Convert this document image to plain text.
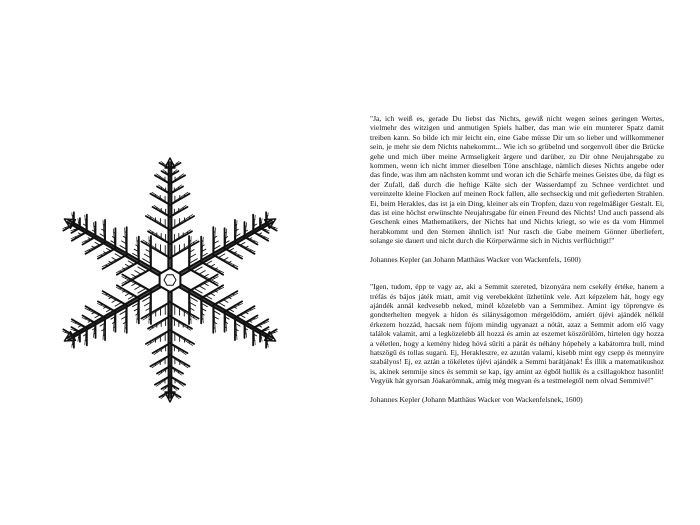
"Ja, ich weiß es, gerade Du liebst das Nichts, gewiß nicht wegen seines geringen Wertes, vielmehr des witzigen und anmutigen Spiels halber, das man wie ein munterer Spatz damit treiben kann. So bilde ich mir leicht ein, eine Gabe müsse Dir um so lieber und willkommener sein, je mehr sie dem Nichts nahekommt... Wie ich so grübelnd und sorgenvoll über die Brücke gehe und mich über meine Armseligkeit ärgere und darüber, zu Dir ohne Neujahrsgabe zu kommen, wenn ich nicht immer dieselben Töne anschlage, nämlich dieses Nichts angebe oder das finde, was ihm am nächsten kommt und woran ich die Schärfe meines Geistes übe, da fügt es der Zufall, daß durch die heftige Kälte sich der Wasserdampf zu Schnee verdichtet und vereinzelte kleine Flocken auf meinen Rock fallen, alle sechseckig und mit gefiederten Strahlen. Ei, beim Herakles, das ist ja ein Ding, kleiner als ein Tropfen, dazu von regelmäßiger Gestalt. Ei, das ist eine höchst erwünschte Neujahrsgabe für einen Freund des Nichts! Und auch passend als Geschenk eines Mathematikers, der Nichts hat und Nichts kriegt, so wie es da vom Himmel herabkommt und den Sternen ähnlich ist! Nur rasch die Gabe meinem Gönner überliefert, solange sie dauert und nicht durch die Körperwärme sich in Nichts verflüchtigt!"

Johannes Kepler (an Johann Matthäus Wacker von Wackenfels, 1600)

"Igen, tudom, épp te vagy az, aki a Semmit szereted, bizonyára nem csekély értéke, hanem a tréfás és bájos játék miatt, amit vig verebekként űzhetünk vele. Azt képzelem hát, hogy egy ajándék annál kedvesebb neked, minél közelebb van a Semmihez. Amint így töprengve és gondterhelten megyek a hídon és silányságomon mérgelődöm, amiért újévi ajándék nélkül érkezem hozzád, hacsak nem fújom mindig ugyanazt a nótát, azaz a Semmit adom elő vagy találok valamit, ami a legközelebb áll hozzá és amin az eszemet köszörülöm, hirtelen úgy hozza a véletlen, hogy a kemény hideg hóvá sűríti a párát és néhány hópehely a kabátomra hull, mind hatszögű és tollas sugarú. Ej, Herakleszre, ez azután valami, kisebb mint egy csepp és mennyire szabályos! Ej, ez aztán a tökéletes újévi ajándék a Semmi barátjának! És illik a matematikushoz is, akinek semmije sincs és semmit se kap, így amint az égből hullik és a csillagokhoz hasonlít! Vegyük hát gyorsan Jóakarómnak, amíg még megvan és a testmelegtől nem olvad Semmivé!"

Johannes Kepler (Johann Matthäus Wacker von Wackenfelsnek, 1600)
